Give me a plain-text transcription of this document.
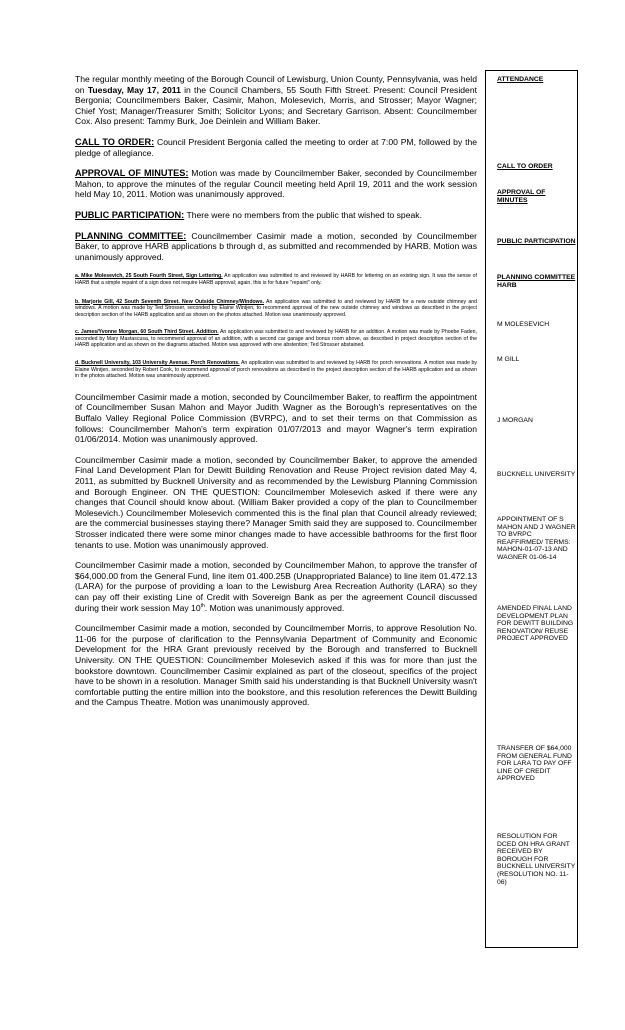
The regular monthly meeting of the Borough Council of Lewisburg, Union County, Pennsylvania, was held on Tuesday, May 17, 2011 in the Council Chambers, 55 South Fifth Street. Present: Council President Bergonia; Councilmembers Baker, Casimir, Mahon, Molesevich, Morris, and Strosser; Mayor Wagner; Chief Yost; Manager/Treasurer Smith; Solicitor Lyons; and Secretary Garrison. Absent: Councilmember Cox. Also present: Tammy Burk, Joe Deinlein and William Baker.

CALL TO ORDER: Council President Bergonia called the meeting to order at 7:00 PM, followed by the pledge of allegiance.

APPROVAL OF MINUTES: Motion was made by Councilmember Baker, seconded by Councilmember Mahon, to approve the minutes of the regular Council meeting held April 19, 2011 and the work session held May 10, 2011. Motion was unanimously approved.

PUBLIC PARTICIPATION: There were no members from the public that wished to speak.

PLANNING COMMITTEE: Councilmember Casimir made a motion, seconded by Councilmember Baker, to approve HARB applications b through d, as submitted and recommended by HARB. Motion was unanimously approved.

a. Mike Molesevich, 25 South Fourth Street, Sign Lettering. An application was submitted to and reviewed by HARB for lettering on an existing sign. It was the sense of HARB that a simple repaint of a sign does not require HARB approval; again, this is for future "repaint" only.

b. Marjorie Gill, 42 South Seventh Street. New Outside Chimney/Windows. An application was submitted to and reviewed by HARB for a new outside chimney and windows. A motion was made by Ted Strosser, seconded by Elaine Wintjen, to recommend approval of the new outside chimney and windows as described in the project description section of the HARB application and as shown on the photos attached. Motion was unanimously approved.

c. James/Yvonne Morgan, 60 South Third Street. Addition. An application was submitted to and reviewed by HARB for an addition. A motion was made by Phoebe Faden, seconded by Mary Mastascusa, to recommend approval of an addition, with a second car garage and bonus room above, as described in project description section of the HARB application and as shown on the diagrams attached. Motion was approved with one abstention; Ted Strosser abstained.

d. Bucknell University, 103 University Avenue. Porch Renovations. An application was submitted to and reviewed by HARB for porch renovations. A motion was made by Elaine Wintjen, seconded by Robert Cook, to recommend approval of porch renovations as described in the project description section of the HARB application and as shown in the photos attached. Motion was unanimously approved.

Councilmember Casimir made a motion, seconded by Councilmember Baker, to reaffirm the appointment of Councilmember Susan Mahon and Mayor Judith Wagner as the Borough's representatives on the Buffalo Valley Regional Police Commission (BVRPC), and to set their terms on that Commission as follows: Councilmember Mahon's term expiration 01/07/2013 and mayor Wagner's term expiration 01/06/2014. Motion was unanimously approved.

Councilmember Casimir made a motion, seconded by Councilmember Baker, to approve the amended Final Land Development Plan for Dewitt Building Renovation and Reuse Project revision dated May 4, 2011, as submitted by Bucknell University and as recommended by the Lewisburg Planning Commission and Borough Engineer. ON THE QUESTION: Councilmember Molesevich asked if there were any changes that Council should know about. (William Baker provided a copy of the plan to Councilmember Molesevich.) Councilmember Molesevich commented this is the final plan that Council already reviewed; are the commercial businesses staying there? Manager Smith said they are supposed to. Councilmember Strosser indicated there were some minor changes made to have accessible bathrooms for the first floor tenants to use. Motion was unanimously approved.

Councilmember Casimir made a motion, seconded by Councilmember Mahon, to approve the transfer of $64,000.00 from the General Fund, line item 01.400.25B (Unappropriated Balance) to line item 01.472.13 (LARA) for the purpose of providing a loan to the Lewisburg Area Recreation Authority (LARA) so they can pay off their existing Line of Credit with Sovereign Bank as per the agreement Council discussed during their work session May 10th. Motion was unanimously approved.

Councilmember Casimir made a motion, seconded by Councilmember Morris, to approve Resolution No. 11-06 for the purpose of clarification to the Pennsylvania Department of Community and Economic Development for the HRA Grant previously received by the Borough and transferred to Bucknell University. ON THE QUESTION: Councilmember Molesevich asked if this was for more than just the bookstore downtown. Councilmember Casimir explained as part of the closeout, specifics of the project have to be shown in a resolution. Manager Smith said his understanding is that Bucknell University wasn't comfortable putting the entire million into the bookstore, and this resolution references the Dewitt Building and the Campus Theatre. Motion was unanimously approved.

ATTENDANCE
CALL TO ORDER
APPROVAL OF MINUTES
PUBLIC PARTICIPATION
PLANNING COMMITTEE
HARB
M MOLESEVICH
M GILL
J MORGAN
BUCKNELL UNIVERSITY
APPOINTMENT OF S MAHON AND J WAGNER TO BVRPC REAFFIRMED/ TERMS: MAHON-01-07-13 AND WAGNER 01-06-14
AMENDED FINAL LAND DEVELOPMENT PLAN FOR DEWITT BUILDING RENOVATION/ REUSE PROJECT APPROVED
TRANSFER OF $64,000 FROM GENERAL FUND FOR LARA TO PAY OFF LINE OF CREDIT APPROVED
RESOLUTION FOR DCED ON HRA GRANT RECEIVED BY BOROUGH FOR BUCKNELL UNIVERSITY (RESOLUTION NO. 11-06)
